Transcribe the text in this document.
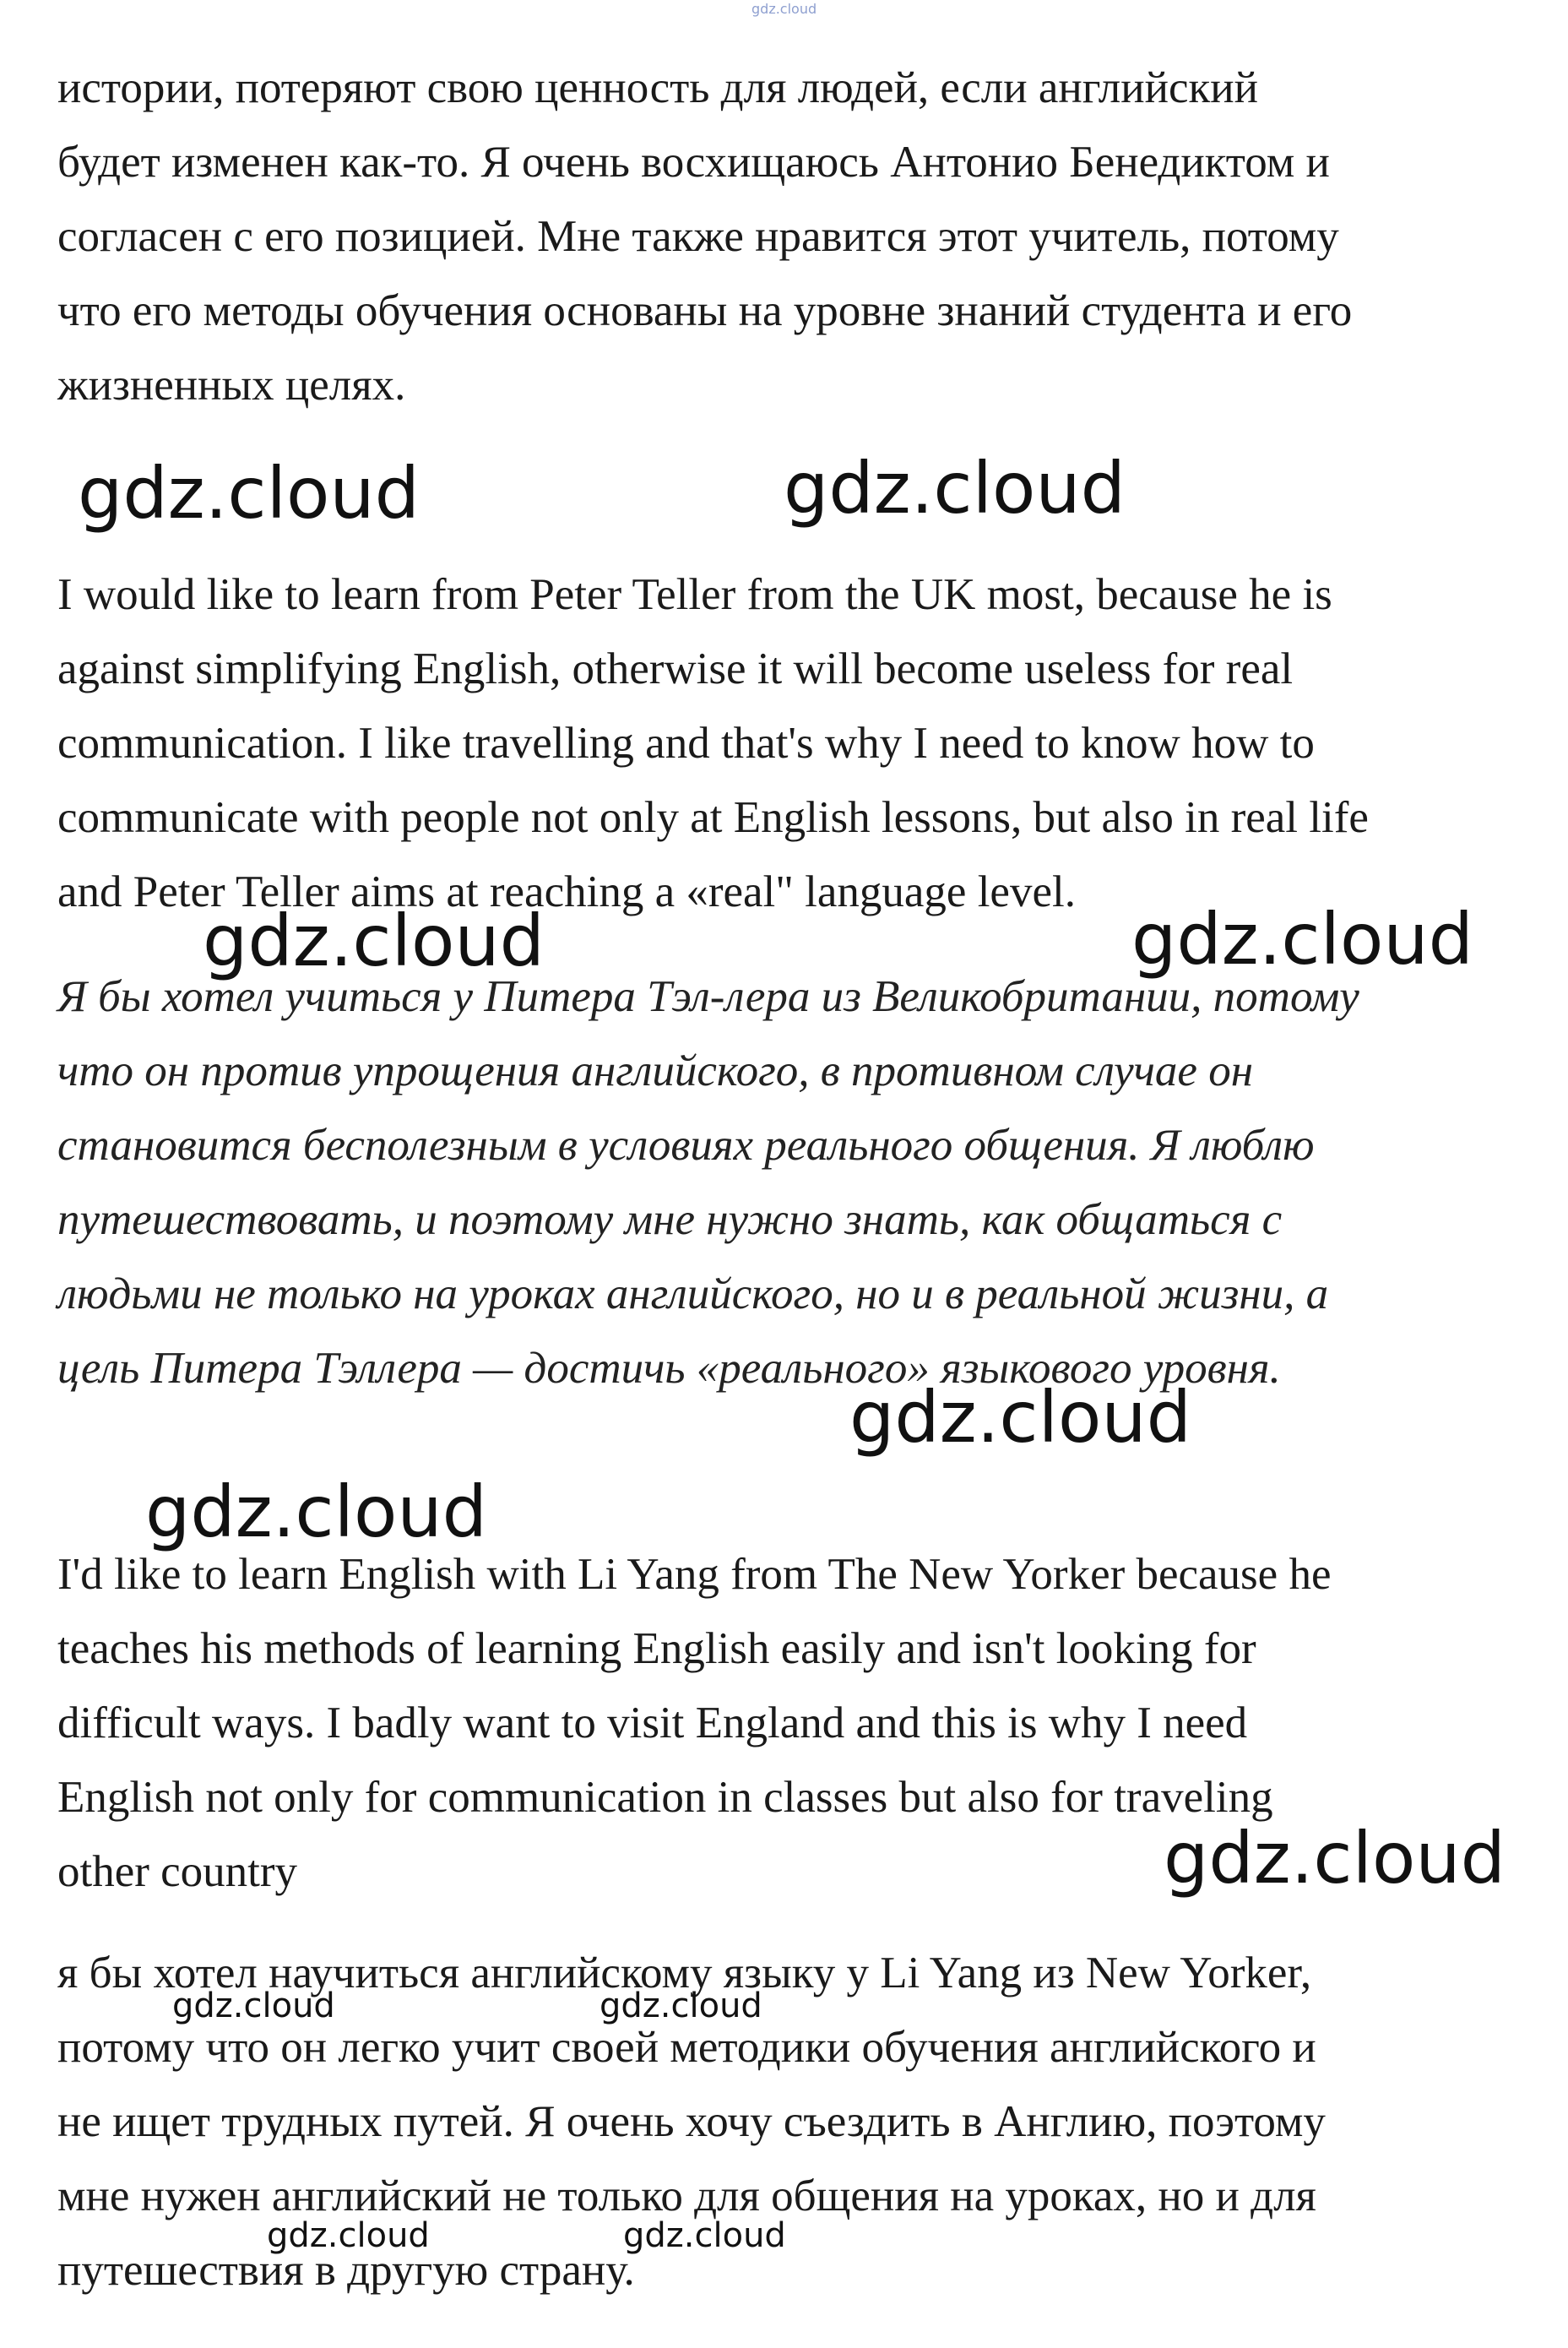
gdz.cloud

истории, потеряют свою ценность для людей, если английский
будет изменен как-то. Я очень восхищаюсь Антонио Бенедиктом и
согласен с его позицией. Мне также нравится этот учитель, потому
что его методы обучения основаны на уровне знаний студента и его
жизненных целях.

gdz.cloud	gdz.cloud

I would like to learn from Peter Teller from the UK most, because he is
against simplifying English, otherwise it will become useless for real
communication. I like travelling and that's why I need to know how to
communicate with people not only at English lessons, but also in real life
and Peter Teller aims at reaching a «real" language level.

gdz.cloud	gdz.cloud

Я бы хотел учиться у Питера Тэл-лера из Великобритании, потому
что он против упрощения английского, в противном случае он
становится бесполезным в условиях реального общения. Я люблю
путешествовать, и поэтому мне нужно знать, как общаться с
людьми не только на уроках английского, но и в реальной жизни, а
цель Питера Тэллера — достичь «реального» языкового уровня.

gdz.cloud
gdz.cloud

I'd like to learn English with Li Yang from The New Yorker because he
teaches his methods of learning English easily and isn't looking for
difficult ways. I badly want to visit England and this is why I need
English not only for communication in classes but also for traveling
other country	gdz.cloud

я бы хотел научиться английскому языку у Li Yang из New Yorker,
потому что он легко учит своей методики обучения английского и
не ищет трудных путей. Я очень хочу съездить в Англию, поэтому
мне нужен английский не только для общения на уроках, но и для
путешествия в другую страну.

gdz.cloud	gdz.cloud
gdz.cloud	gdz.cloud
